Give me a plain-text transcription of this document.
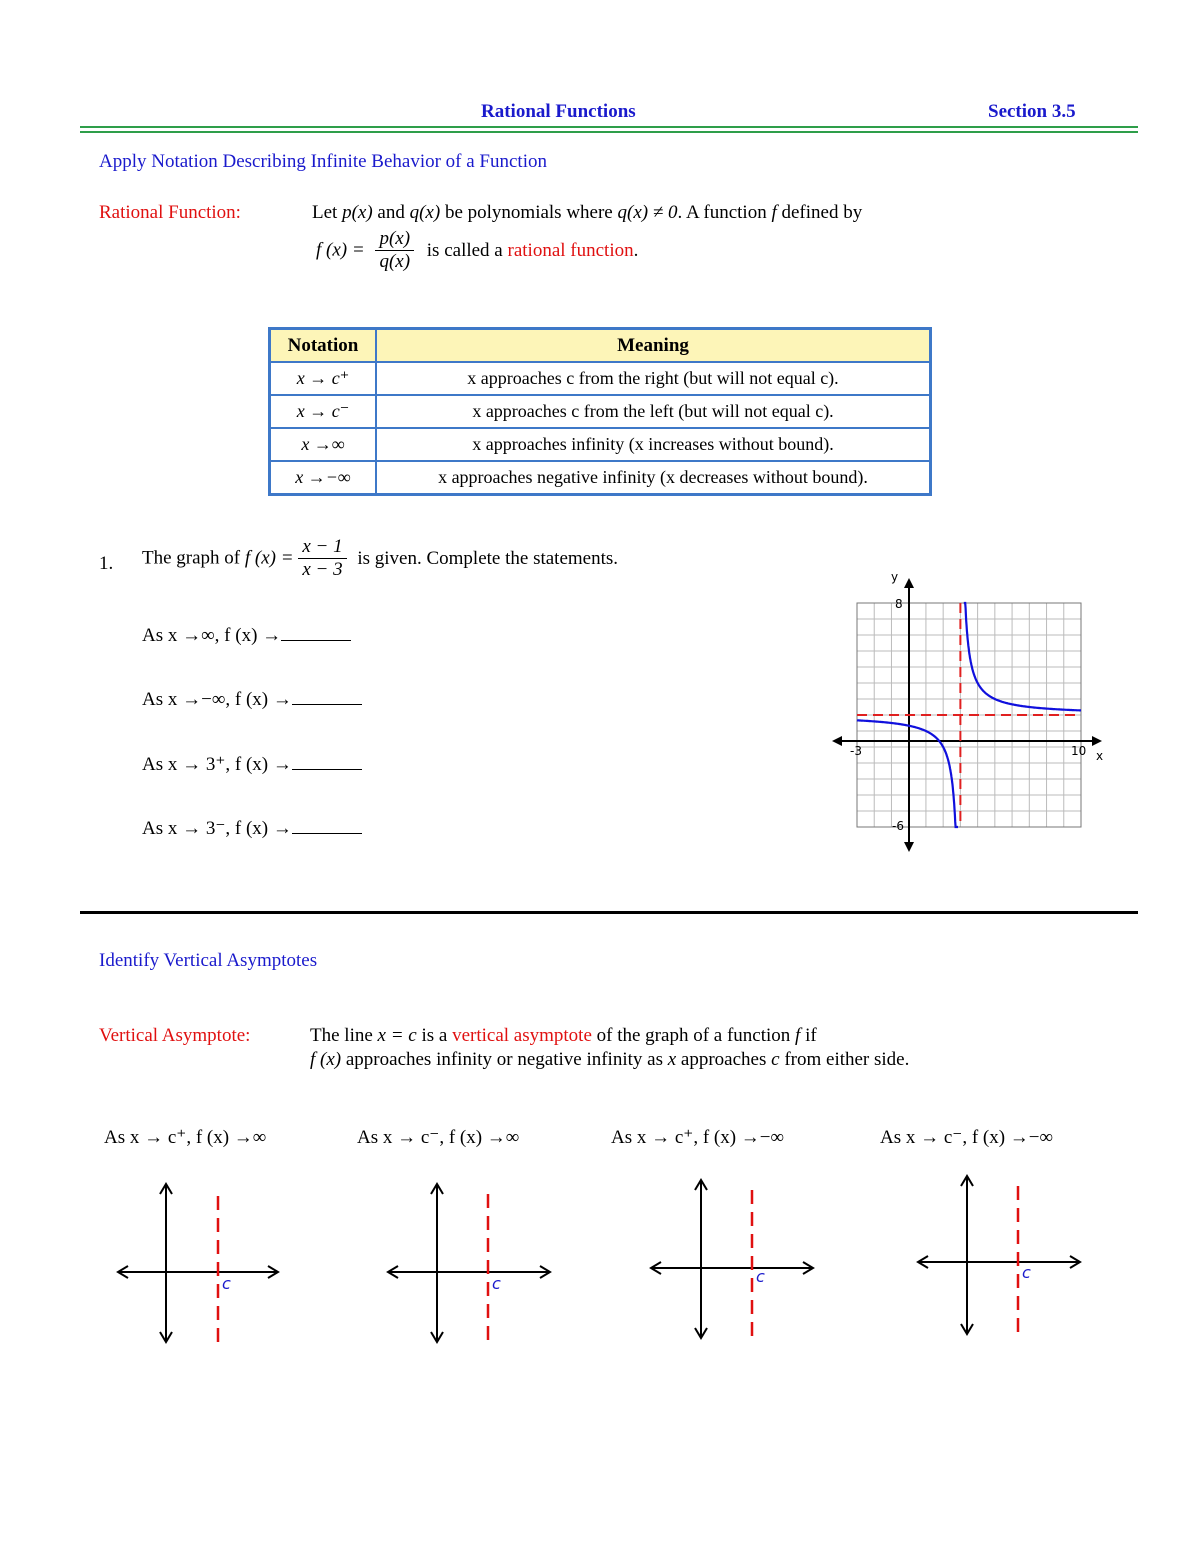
Rational Functions	Section 3.5
Apply Notation Describing Infinite Behavior of a Function
Rational Function:	Let p(x) and q(x) be polynomials where q(x) ≠ 0. A function f defined by
f $(x) = \frac{p(x)}{q(x)}$ is called a rational function.
Notation	Meaning
x → c⁺	x approaches c from the right (but will not equal c).
x → c⁻	x approaches c from the left (but will not equal c).
x →∞	x approaches infinity (x increases without bound).
x →−∞	x approaches negative infinity (x decreases without bound).
1. The graph of f $(x) = \frac{x - 1}{x - 3}$ is given. Complete the statements.
As x →∞, f (x) →
As x →−∞, f (x) →
As x → 3⁺, f (x) →
As x → 3⁻, f (x) →
y
x
-3	10
8
-6
Identify Vertical Asymptotes
Vertical Asymptote:	The line x = c is a vertical asymptote of the graph of a function f if
f (x) approaches infinity or negative infinity as x approaches c from either side.
As x → c⁺, f (x) →∞	As x → c⁻, f (x) →∞	As x → c⁺, f (x) →−∞	As x → c⁻, f (x) →−∞
c	c	c	c
